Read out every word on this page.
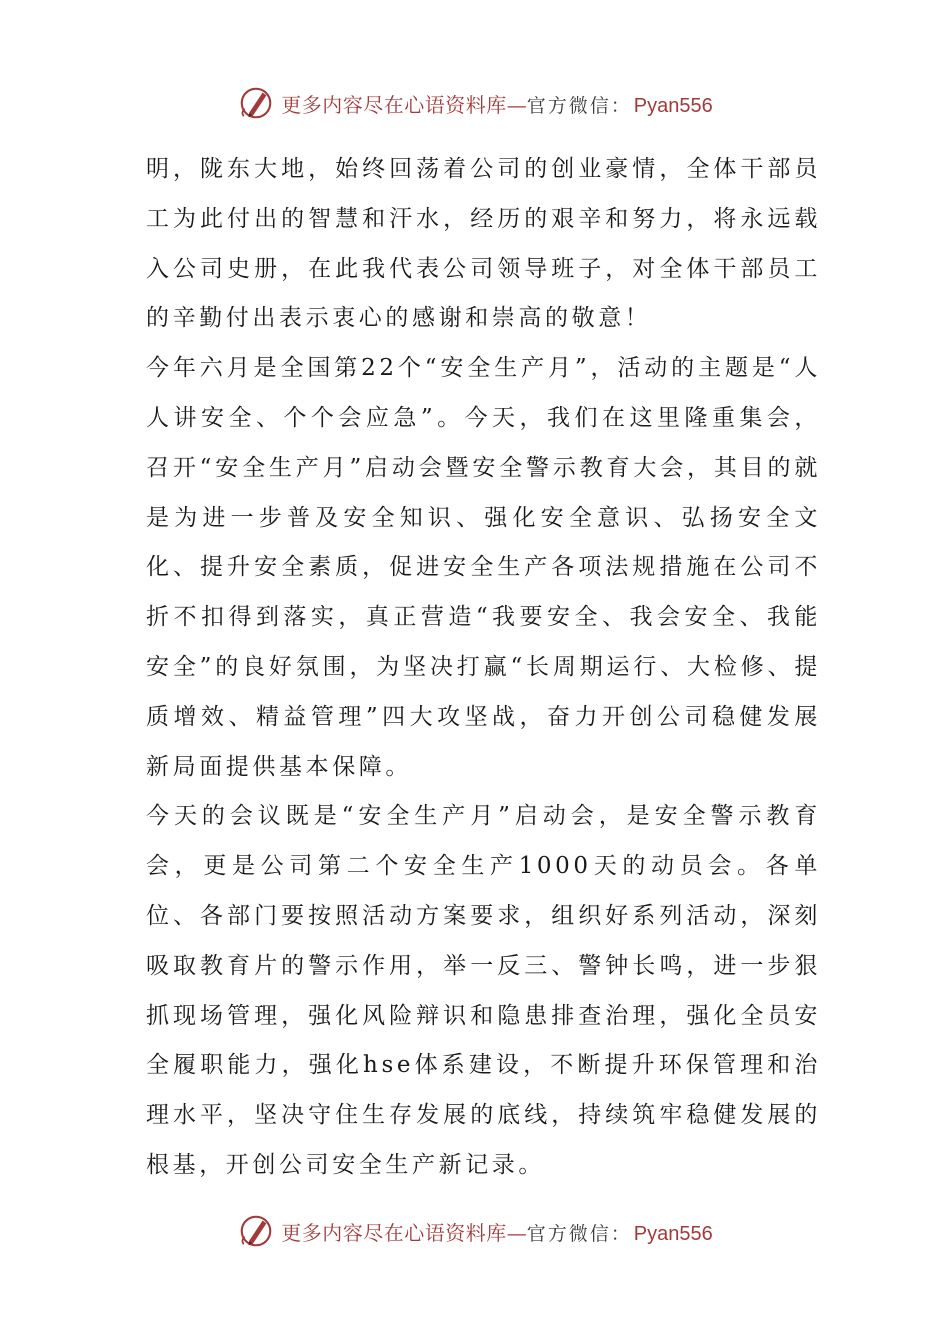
更多内容尽在心语资料库 — 官方微信： Pyan556

明，陇东大地，始终回荡着公司的创业豪情，全体干部员工为此付出的智慧和汗水，经历的艰辛和努力，将永远载入公司史册，在此我代表公司领导班子，对全体干部员工的辛勤付出表示衷心的感谢和崇高的敬意！

今年六月是全国第22个“安全生产月”，活动的主题是“人人讲安全、个个会应急”。今天，我们在这里隆重集会，召开“安全生产月”启动会暨安全警示教育大会，其目的就是为进一步普及安全知识、强化安全意识、弘扬安全文化、提升安全素质，促进安全生产各项法规措施在公司不折不扣得到落实，真正营造“我要安全、我会安全、我能安全”的良好氛围，为坚决打赢“长周期运行、大检修、提质增效、精益管理”四大攻坚战，奋力开创公司稳健发展新局面提供基本保障。

今天的会议既是“安全生产月”启动会，是安全警示教育会，更是公司第二个安全生产1000天的动员会。各单位、各部门要按照活动方案要求，组织好系列活动，深刻吸取教育片的警示作用，举一反三、警钟长鸣，进一步狠抓现场管理，强化风险辩识和隐患排查治理，强化全员安全履职能力，强化hse体系建设，不断提升环保管理和治理水平，坚决守住生存发展的底线，持续筑牢稳健发展的根基，开创公司安全生产新记录。

更多内容尽在心语资料库 — 官方微信： Pyan556
